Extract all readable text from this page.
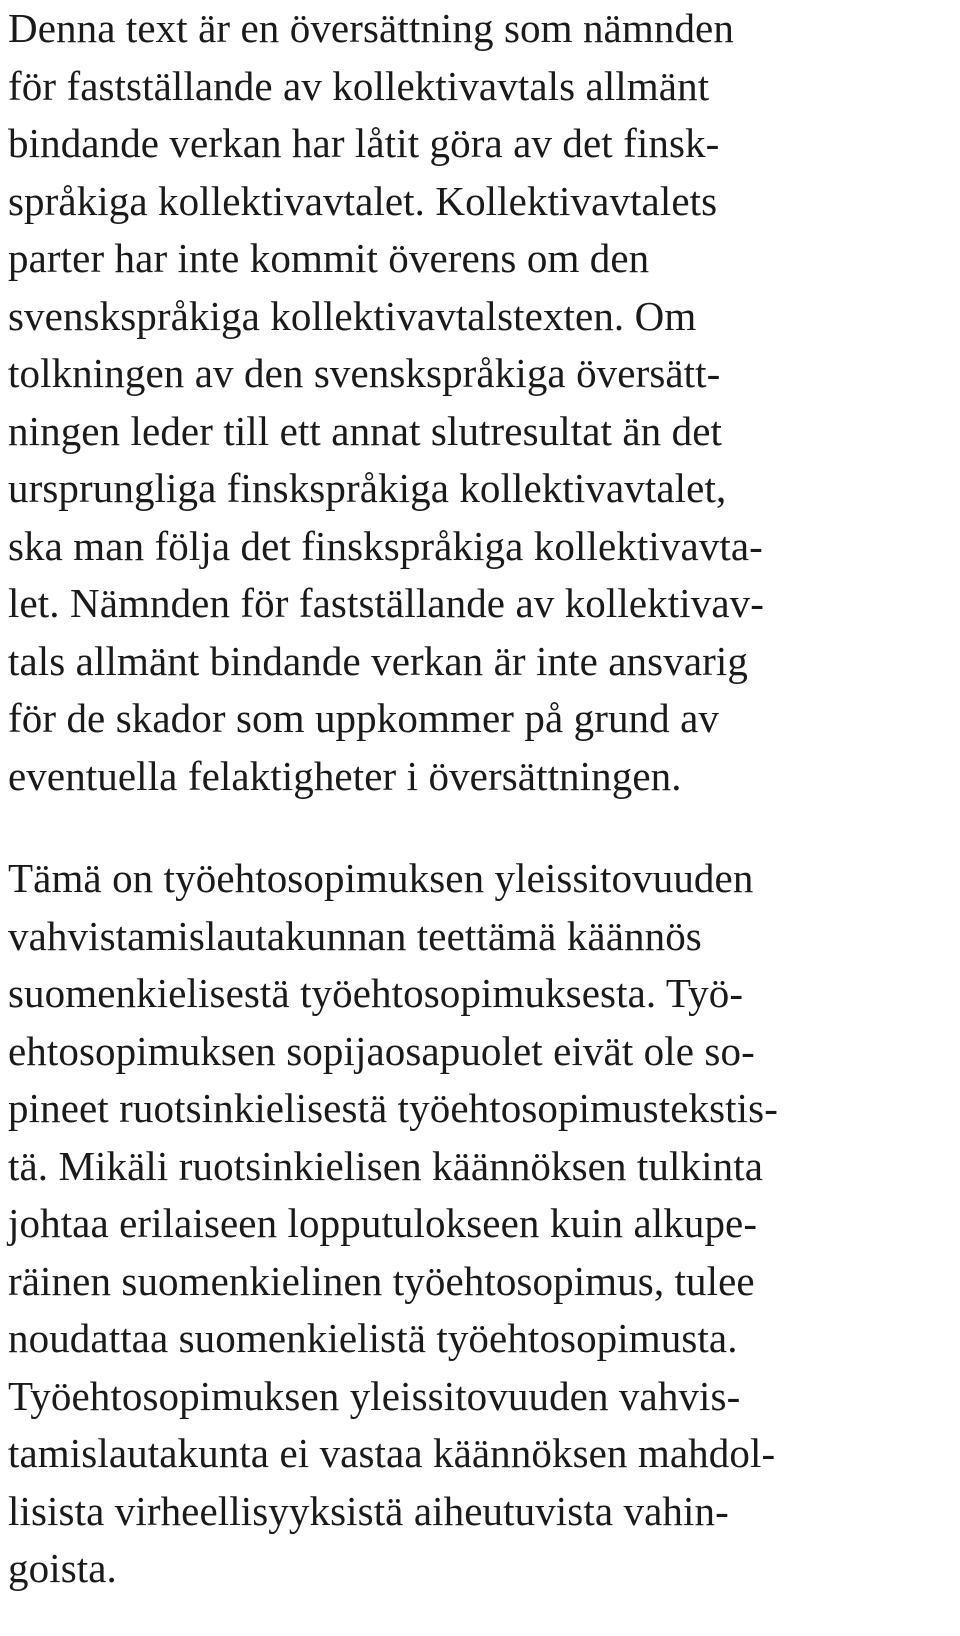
Denna text är en översättning som nämnden
för fastställande av kollektivavtals allmänt
bindande verkan har låtit göra av det finsk-
språkiga kollektivavtalet. Kollektivavtalets
parter har inte kommit överens om den
svenskspråkiga kollektivavtalstexten. Om
tolkningen av den svenskspråkiga översätt-
ningen leder till ett annat slutresultat än det
ursprungliga finskspråkiga kollektivavtalet,
ska man följa det finskspråkiga kollektivavta-
let. Nämnden för fastställande av kollektivav-
tals allmänt bindande verkan är inte ansvarig
för de skador som uppkommer på grund av
eventuella felaktigheter i översättningen.
Tämä on työehtosopimuksen yleissitovuuden
vahvistamislautakunnan teettämä käännös
suomenkielisestä työehtosopimuksesta. Työ-
ehtosopimuksen sopijaosapuolet eivät ole so-
pineet ruotsinkielisestä työehtosopimustekstis-
tä. Mikäli ruotsinkielisen käännöksen tulkinta
johtaa erilaiseen lopputulokseen kuin alkupe-
räinen suomenkielinen työehtosopimus, tulee
noudattaa suomenkielistä työehtosopimusta.
Työehtosopimuksen yleissitovuuden vahvis-
tamislautakunta ei vastaa käännöksen mahdol-
lisista virheellisyyksistä aiheutuvista vahin-
goista.
